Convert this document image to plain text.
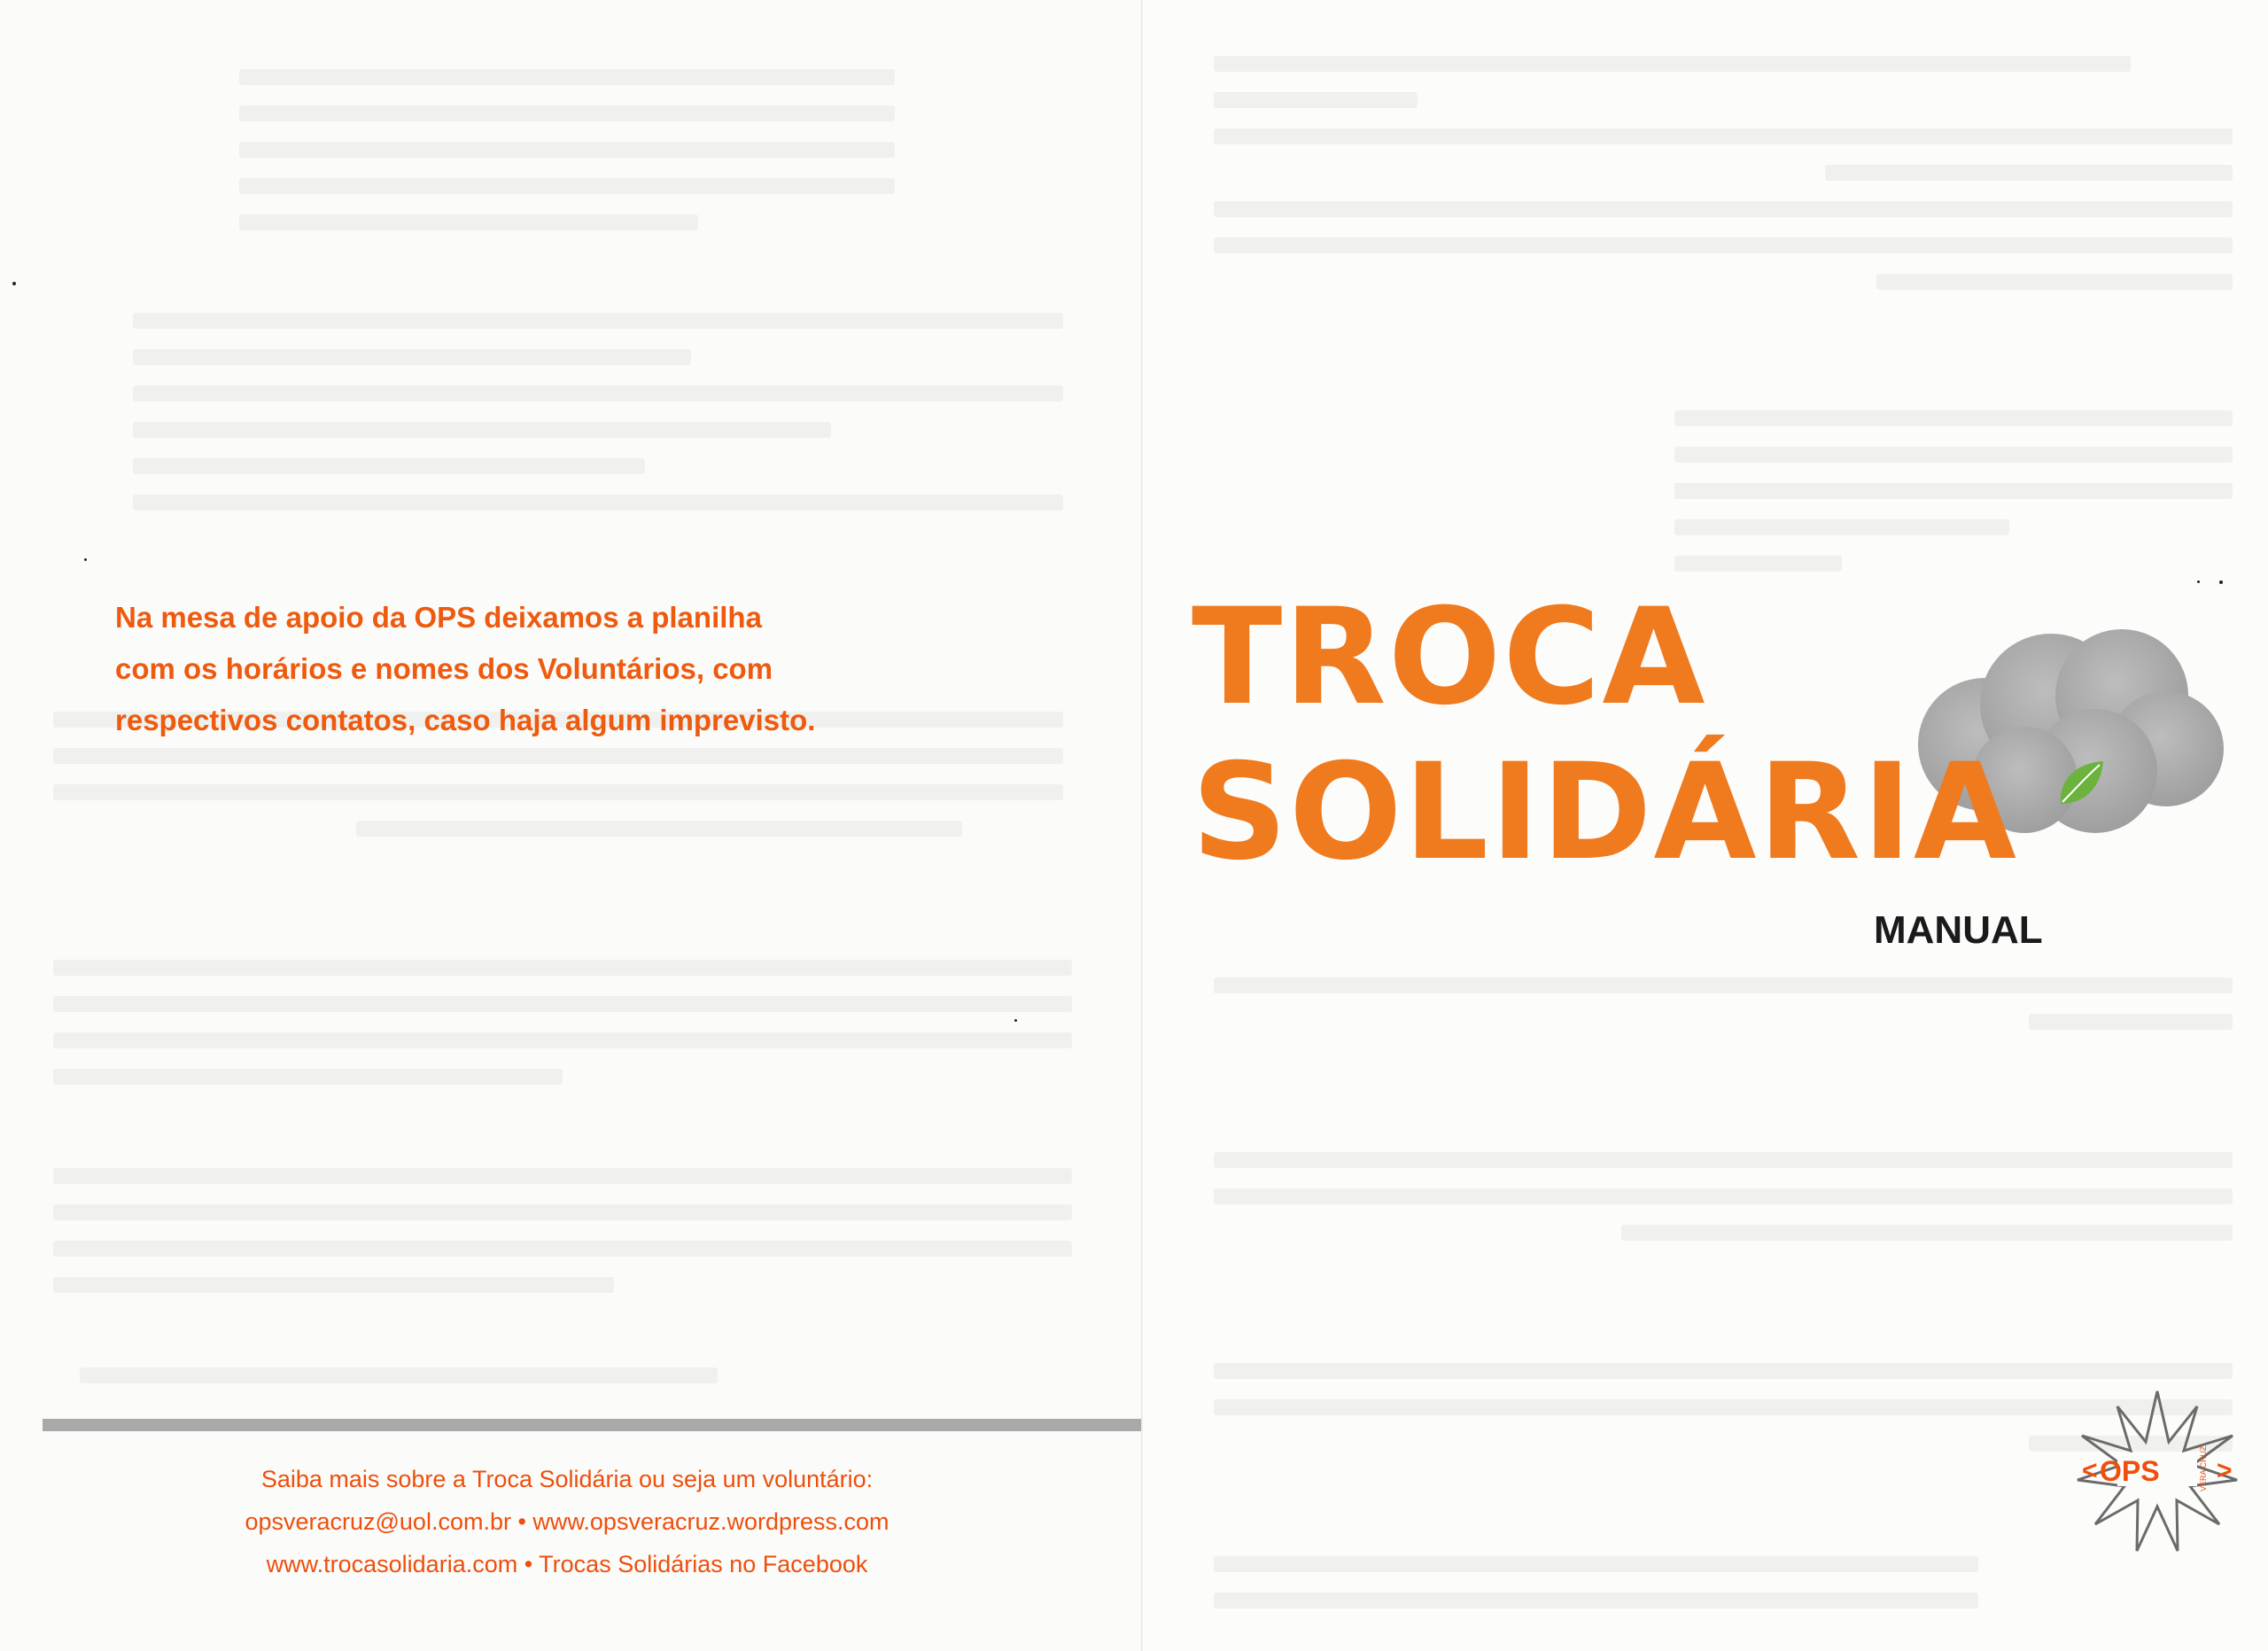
Na mesa de apoio da OPS deixamos a planilha
com os horários e nomes dos Voluntários, com
respectivos contatos, caso haja algum imprevisto.
Saiba mais sobre a Troca Solidária ou seja um voluntário:
opsveracruz@uol.com.br • www.opsveracruz.wordpress.com
www.trocasolidaria.com • Trocas Solidárias no Facebook
TROCA
SOLIDÁRIA
MANUAL
< OPS >
VERA CRUZ
